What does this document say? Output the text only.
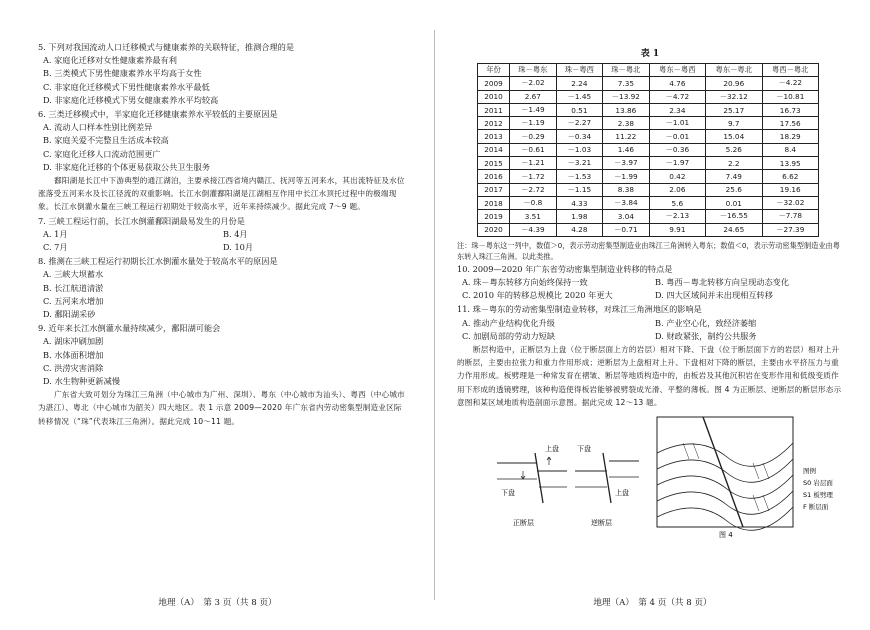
5. 下列对我国流动人口迁移模式与健康素养的关联特征，推测合理的是
A. 家庭化迁移对女性健康素养最有利
B. 三类模式下男性健康素养水平均高于女性
C. 非家庭化迁移模式下男性健康素养水平最低
D. 非家庭化迁移模式下男女健康素养水平均较高
6. 三类迁移模式中，半家庭化迁移健康素养水平较低的主要原因是
A. 流动人口样本性别比例差异
B. 家庭关爱不完整且生活成本较高
C. 家庭化迁移人口流动范围更广
D. 非家庭化迁移的个体更易获取公共卫生服务
鄱阳湖是长江中下游典型的通江湖泊，主要承接江西省境内赣江、抚河等五河来水，其出流特征及水位涨落受五河来水及长江径流的双重影响。长江水倒灌鄱阳湖是江湖相互作用中长江水顶托过程中的极端现象。长江水倒灌水量在三峡工程运行初期处于较高水平，近年来持续减少。据此完成 7～9 题。
7. 三峡工程运行前，长江水倒灌鄱阳湖最易发生的月份是
A. 1月	B. 4月
C. 7月	D. 10月
8. 推测在三峡工程运行初期长江水倒灌水量处于较高水平的原因是
A. 三峡大坝蓄水
B. 长江航道清淤
C. 五河来水增加
D. 鄱阳湖采砂
9. 近年来长江水倒灌水量持续减少，鄱阳湖可能会
A. 湖床冲刷加剧
B. 水体面积增加
C. 洪涝灾害消除
D. 水生物种更新减慢
广东省大致可划分为珠江三角洲（中心城市为广州、深圳）、粤东（中心城市为汕头）、粤西（中心城市为湛江）、粤北（中心城市为韶关）四大地区。表 1 示意 2009—2020 年广东省内劳动密集型制造业区际转移情况（“珠”代表珠江三角洲）。据此完成 10～11 题。
地理（A）　第 3 页（共 8 页）
表 1
年份	珠－粤东	珠－粤西	珠－粤北	粤东－粤西	粤东－粤北	粤西－粤北
2009	－2.02	2.24	7.35	4.76	20.96	－4.22
2010	2.67	－1.45	－13.92	－4.72	－32.12	－10.81
2011	－1.49	0.51	13.86	2.34	25.17	16.73
2012	－1.19	－2.27	2.38	－1.01	9.7	17.56
2013	－0.29	－0.34	11.22	－0.01	15.04	18.29
2014	－0.61	－1.03	1.46	－0.36	5.26	8.4
2015	－1.21	－3.21	－3.97	－1.97	2.2	13.95
2016	－1.72	－1.53	－1.99	0.42	7.49	6.62
2017	－2.72	－1.15	8.38	2.06	25.6	19.16
2018	－0.8	4.33	－3.84	5.6	0.01	－32.02
2019	3.51	1.98	3.04	－2.13	－16.55	－7.78
2020	－4.39	4.28	－0.71	9.91	24.65	－27.39
注：珠－粤东这一列中，数值＞0，表示劳动密集型制造业由珠江三角洲转入粤东；数值＜0，表示劳动密集型制造业由粤东转入珠江三角洲。以此类推。
10. 2009—2020 年广东省劳动密集型制造业转移的特点是
A. 珠－粤东转移方向始终保持一致	B. 粤西－粤北转移方向呈现动态变化
C. 2010 年的转移总规模比 2020 年更大	D. 四大区域间并未出现相互转移
11. 珠－粤东的劳动密集型制造业转移，对珠江三角洲地区的影响是
A. 推动产业结构优化升级	B. 产业空心化，致经济萎缩
C. 加剧局部的劳动力短缺	D. 财政紧张，制约公共服务
断层构造中，正断层为上盘（位于断层面上方的岩层）相对下降、下盘（位于断层面下方的岩层）相对上升的断层，主要由拉张力和重力作用形成；逆断层为上盘相对上升、下盘相对下降的断层，主要由水平挤压力与重力作用形成。板劈理是一种常发育在褶皱、断层等地质构造中的，由板岩及其他沉积岩在变形作用和低级变质作用下形成的透镜劈理，该种构造使得板岩能够被劈裂成光滑、平整的薄板。图 4 为正断层、逆断层的断层形态示意图和某区域地质构造剖面示意图。据此完成 12～13 题。
上盘
下盘
正断层
下盘
上盘
逆断层
图 4
图例
S0 岩层面
S1 板劈理
F 断层面
地理（A）　第 4 页（共 8 页）
